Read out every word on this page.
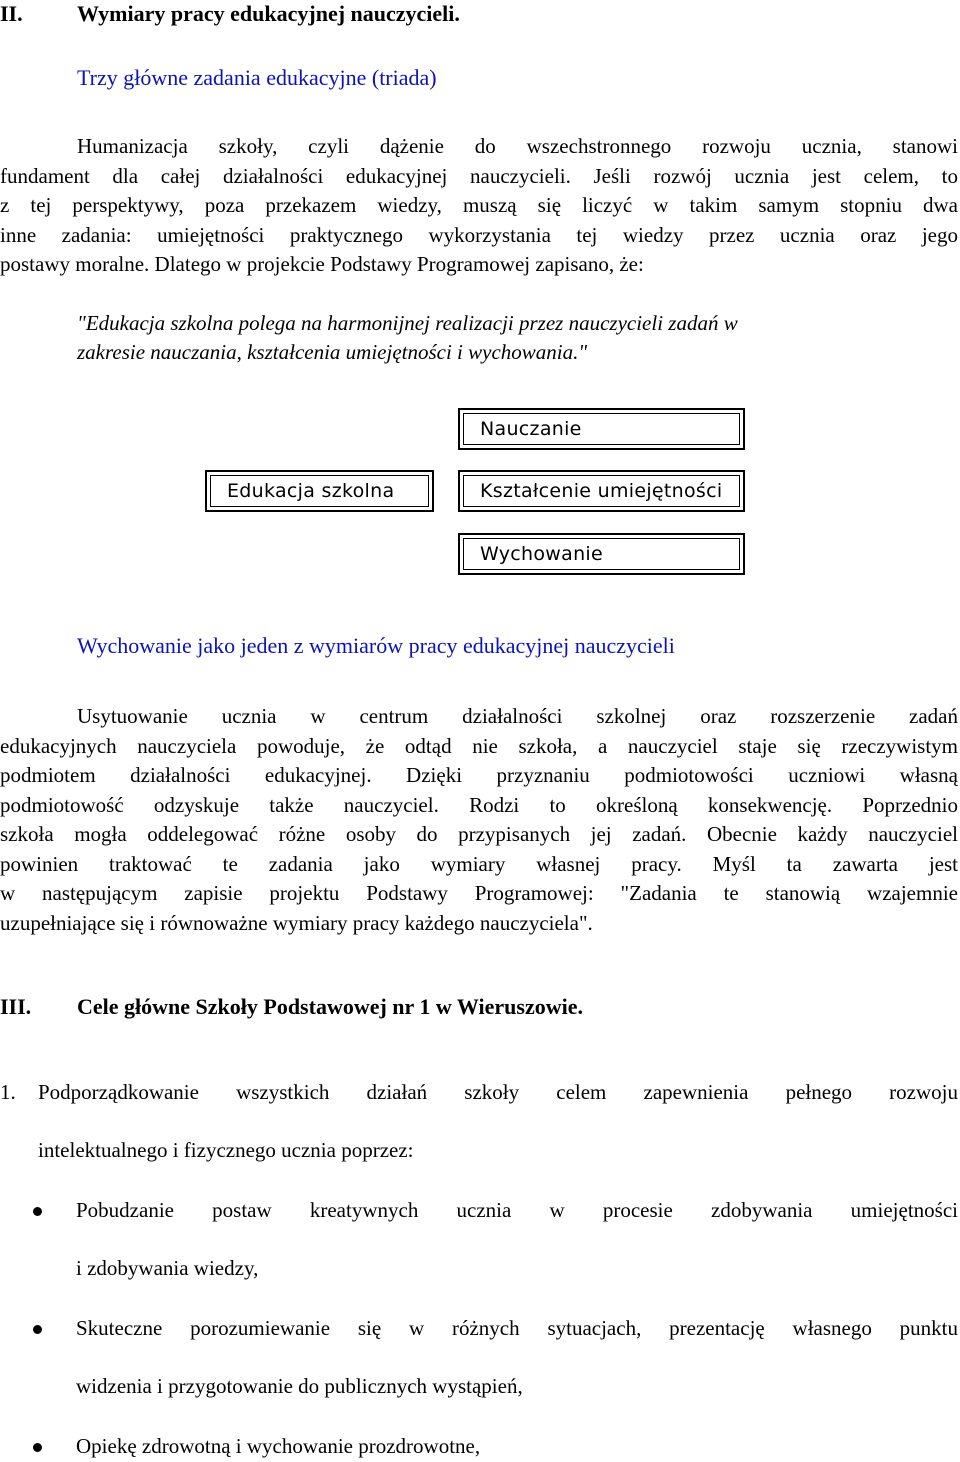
II. Wymiary pracy edukacyjnej nauczycieli.
Trzy główne zadania edukacyjne (triada)
Humanizacja szkoły, czyli dążenie do wszechstronnego rozwoju ucznia, stanowi
fundament dla całej działalności edukacyjnej nauczycieli. Jeśli rozwój ucznia jest celem, to
z tej perspektywy, poza przekazem wiedzy, muszą się liczyć w takim samym stopniu dwa
inne zadania: umiejętności praktycznego wykorzystania tej wiedzy przez ucznia oraz jego
postawy moralne. Dlatego w projekcie Podstawy Programowej zapisano, że:
"Edukacja szkolna polega na harmonijnej realizacji przez nauczycieli zadań w
zakresie nauczania, kształcenia umiejętności i wychowania."
Nauczanie
Edukacja szkolna	Kształcenie umiejętności
Wychowanie
Wychowanie jako jeden z wymiarów pracy edukacyjnej nauczycieli
Usytuowanie ucznia w centrum działalności szkolnej oraz rozszerzenie zadań
edukacyjnych nauczyciela powoduje, że odtąd nie szkoła, a nauczyciel staje się rzeczywistym
podmiotem działalności edukacyjnej. Dzięki przyznaniu podmiotowości uczniowi własną
podmiotowość odzyskuje także nauczyciel. Rodzi to określoną konsekwencję. Poprzednio
szkoła mogła oddelegować różne osoby do przypisanych jej zadań. Obecnie każdy nauczyciel
powinien traktować te zadania jako wymiary własnej pracy. Myśl ta zawarta jest
w następującym zapisie projektu Podstawy Programowej: "Zadania te stanowią wzajemnie
uzupełniające się i równoważne wymiary pracy każdego nauczyciela".
III. Cele główne Szkoły Podstawowej nr 1 w Wieruszowie.
1. Podporządkowanie wszystkich działań szkoły celem zapewnienia pełnego rozwoju
intelektualnego i fizycznego ucznia poprzez:
Pobudzanie postaw kreatywnych ucznia w procesie zdobywania umiejętności
i zdobywania wiedzy,
Skuteczne porozumiewanie się w różnych sytuacjach, prezentację własnego punktu
widzenia i przygotowanie do publicznych wystąpień,
Opiekę zdrowotną i wychowanie prozdrowotne,
